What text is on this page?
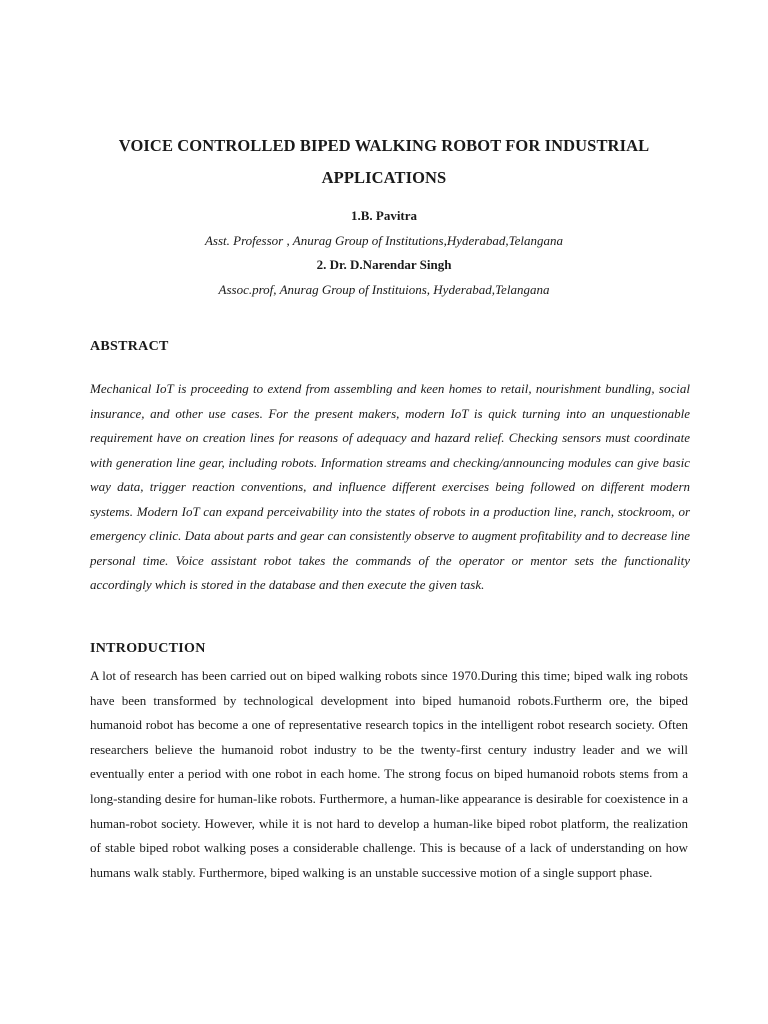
VOICE CONTROLLED BIPED WALKING ROBOT FOR INDUSTRIAL APPLICATIONS
1.B. Pavitra
Asst. Professor , Anurag Group of Institutions,Hyderabad,Telangana
2. Dr. D.Narendar Singh
Assoc.prof, Anurag Group of Instituions, Hyderabad,Telangana
ABSTRACT
Mechanical IoT is proceeding to extend from assembling and keen homes to retail, nourishment bundling, social insurance, and other use cases. For the present makers, modern IoT is quick turning into an unquestionable requirement have on creation lines for reasons of adequacy and hazard relief. Checking sensors must coordinate with generation line gear, including robots. Information streams and checking/announcing modules can give basic way data, trigger reaction conventions, and influence different exercises being followed on different modern systems. Modern IoT can expand perceivability into the states of robots in a production line, ranch, stockroom, or emergency clinic. Data about parts and gear can consistently observe to augment profitability and to decrease line personal time. Voice assistant robot takes the commands of the operator or mentor sets the functionality accordingly which is stored in the database and then execute the given task.
INTRODUCTION
A lot of research has been carried out on biped walking robots since 1970.During this time; biped walk ing robots have been transformed by technological development into biped humanoid robots.Furtherm ore, the biped humanoid robot has become a one of representative research topics in the intelligent robot research society. Often researchers believe the humanoid robot industry to be the twenty-first century industry leader and we will eventually enter a period with one robot in each home. The strong focus on biped humanoid robots stems from a long-standing desire for human-like robots. Furthermore, a human-like appearance is desirable for coexistence in a human-robot society. However, while it is not hard to develop a human-like biped robot platform, the realization of stable biped robot walking poses a considerable challenge. This is because of a lack of understanding on how humans walk stably. Furthermore, biped walking is an unstable successive motion of a single support phase.
